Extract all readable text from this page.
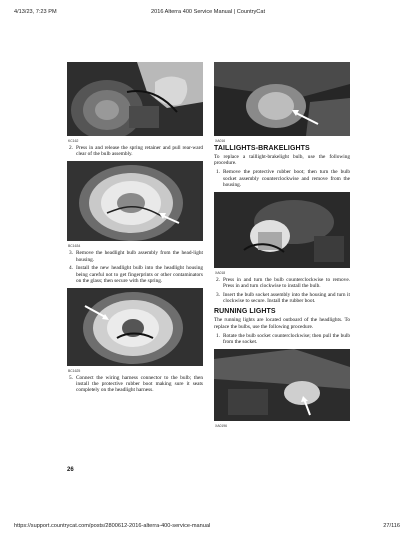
4/13/23, 7:23 PM	2016 Alterra 400 Service Manual | CountryCat
KC162
2. Press in and release the spring retainer and pull rear-ward clear of the bulb assembly.
BC1634
3. Remove the headlight bulb assembly from the head-light housing.
4. Install the new headlight bulb into the headlight housing being careful not to get fingerprints or other contaminators on the glass; then secure with the spring.
BC1625
5. Connect the wiring harness connector to the bulb; then install the protective rubber boot making sure it seats completely on the headlight harness.
XA016
TAILLIGHTS-BRAKELIGHTS

To replace a taillight-brakelight bulb, use the following procedure.

1. Remove the protective rubber boot; then turn the bulb socket assembly counterclockwise and remove from the housing.
XA018
2. Press in and turn the bulb counterclockwise to remove. Press in and turn clockwise to install the bulb.
3. Insert the bulb socket assembly into the housing and turn it clockwise to secure. Install the rubber boot.
RUNNING LIGHTS

The running lights are located outboard of the headlights. To replace the bulbs, use the following procedure.

1. Rotate the bulb socket counterclockwise; then pull the bulb from the socket.
XA0196
26
https://support.countrycat.com/posts/2800612-2016-alterra-400-service-manual	27/116
